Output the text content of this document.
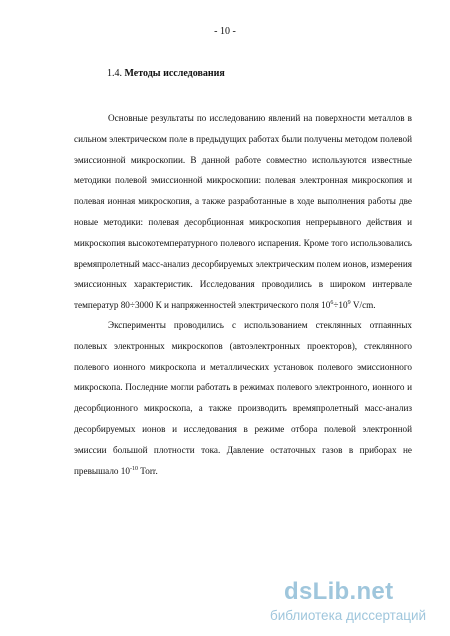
- 10 -
1.4. Методы исследования

Основные результаты по исследованию явлений на поверхности металлов в сильном электрическом поле в предыдущих работах были получены методом полевой эмиссионной микроскопии. В данной работе совместно используются известные методики полевой эмиссионной микроскопии: полевая электронная микроскопия и полевая ионная микроскопия, а также разработанные в ходе выполнения работы две новые методики: полевая десорбционная микроскопия непрерывного действия и микроскопия высокотемпературного полевого испарения. Кроме того использовались времяпролетный масс-анализ десорбируемых электрическим полем ионов, измерения эмиссионных характеристик. Исследования проводились в широком интервале температур 80÷3000 К и напряженностей электрического поля $10^6\div 10^9$ V/cm.

Эксперименты проводились с использованием стеклянных отпаянных полевых электронных микроскопов (автоэлектронных проекторов), стеклянного полевого ионного микроскопа и металлических установок полевого эмиссионного микроскопа. Последние могли работать в режимах полевого электронного, ионного и десорбционного микроскопа, а также производить времяпролетный масс-анализ десорбируемых ионов и исследования в режиме отбора полевой электронной эмиссии большой плотности тока. Давление остаточных газов в приборах не превышало $10^{-10}$ Torr.

dsLib.net
библиотека диссертаций
